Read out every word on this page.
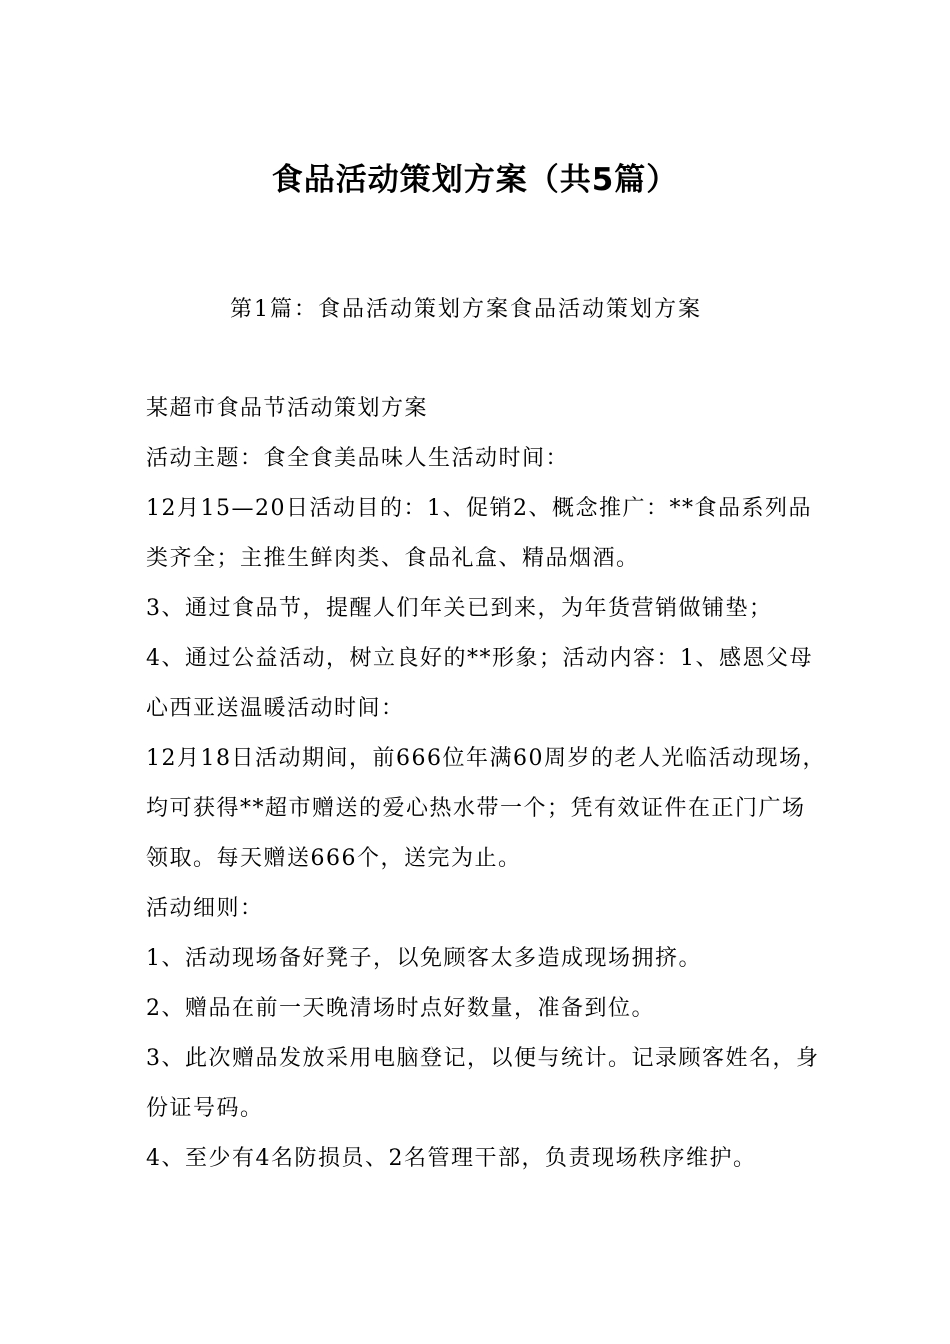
食品活动策划方案（共5篇）
第1篇：食品活动策划方案食品活动策划方案

某超市食品节活动策划方案

活动主题：食全食美品味人生活动时间：

12月15—20日活动目的：1、促销2、概念推广：**食品系列品类齐全；主推生鲜肉类、食品礼盒、精品烟酒。

3、通过食品节，提醒人们年关已到来，为年货营销做铺垫；

4、通过公益活动，树立良好的**形象；活动内容：1、感恩父母心西亚送温暖活动时间：

12月18日活动期间，前666位年满60周岁的老人光临活动现场，均可获得**超市赠送的爱心热水带一个；凭有效证件在正门广场领取。每天赠送666个，送完为止。

活动细则：

1、活动现场备好凳子，以免顾客太多造成现场拥挤。

2、赠品在前一天晚清场时点好数量，准备到位。

3、此次赠品发放采用电脑登记，以便与统计。记录顾客姓名，身份证号码。

4、至少有4名防损员、2名管理干部，负责现场秩序维护。
